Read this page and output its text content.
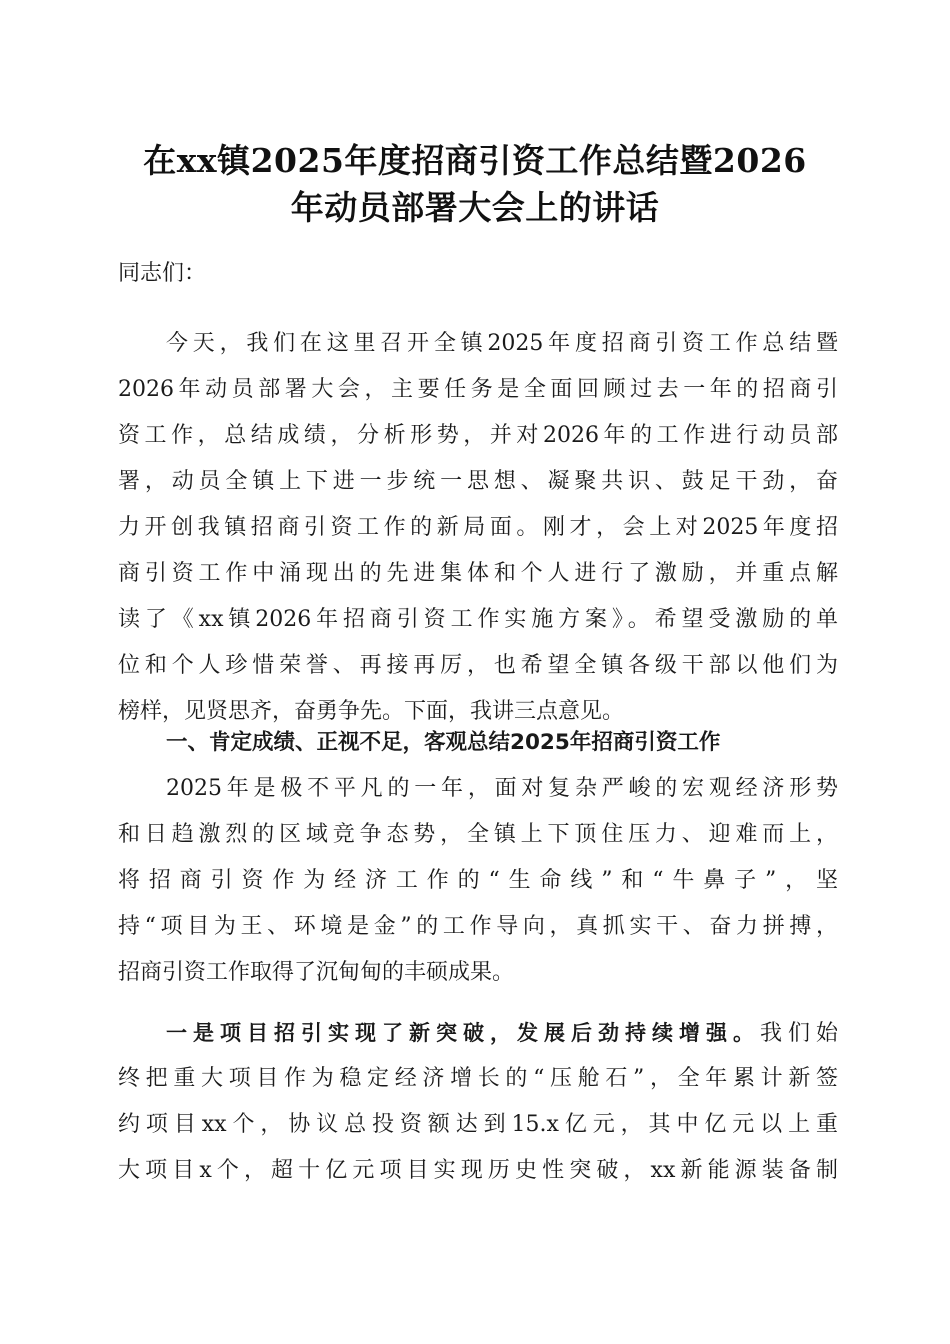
在xx镇2025年度招商引资工作总结暨2026
年动员部署大会上的讲话
同志们：
今天，我们在这里召开全镇2025年度招商引资工作总结暨
2026年动员部署大会，主要任务是全面回顾过去一年的招商引
资工作，总结成绩，分析形势，并对2026年的工作进行动员部
署，动员全镇上下进一步统一思想、凝聚共识、鼓足干劲，奋
力开创我镇招商引资工作的新局面。刚才，会上对2025年度招
商引资工作中涌现出的先进集体和个人进行了激励，并重点解
读了《xx镇2026年招商引资工作实施方案》。希望受激励的单
位和个人珍惜荣誉、再接再厉，也希望全镇各级干部以他们为
榜样，见贤思齐，奋勇争先。下面，我讲三点意见。
一、肯定成绩、正视不足，客观总结2025年招商引资工作
2025年是极不平凡的一年，面对复杂严峻的宏观经济形势
和日趋激烈的区域竞争态势，全镇上下顶住压力、迎难而上，
将招商引资作为经济工作的“生命线”和“牛鼻子”，坚
持“项目为王、环境是金”的工作导向，真抓实干、奋力拼搏，
招商引资工作取得了沉甸甸的丰硕成果。
一是项目招引实现了新突破，发展后劲持续增强。我们始
终把重大项目作为稳定经济增长的“压舱石”，全年累计新签
约项目xx个，协议总投资额达到15.x亿元，其中亿元以上重
大项目x个，超十亿元项目实现历史性突破，xx新能源装备制
